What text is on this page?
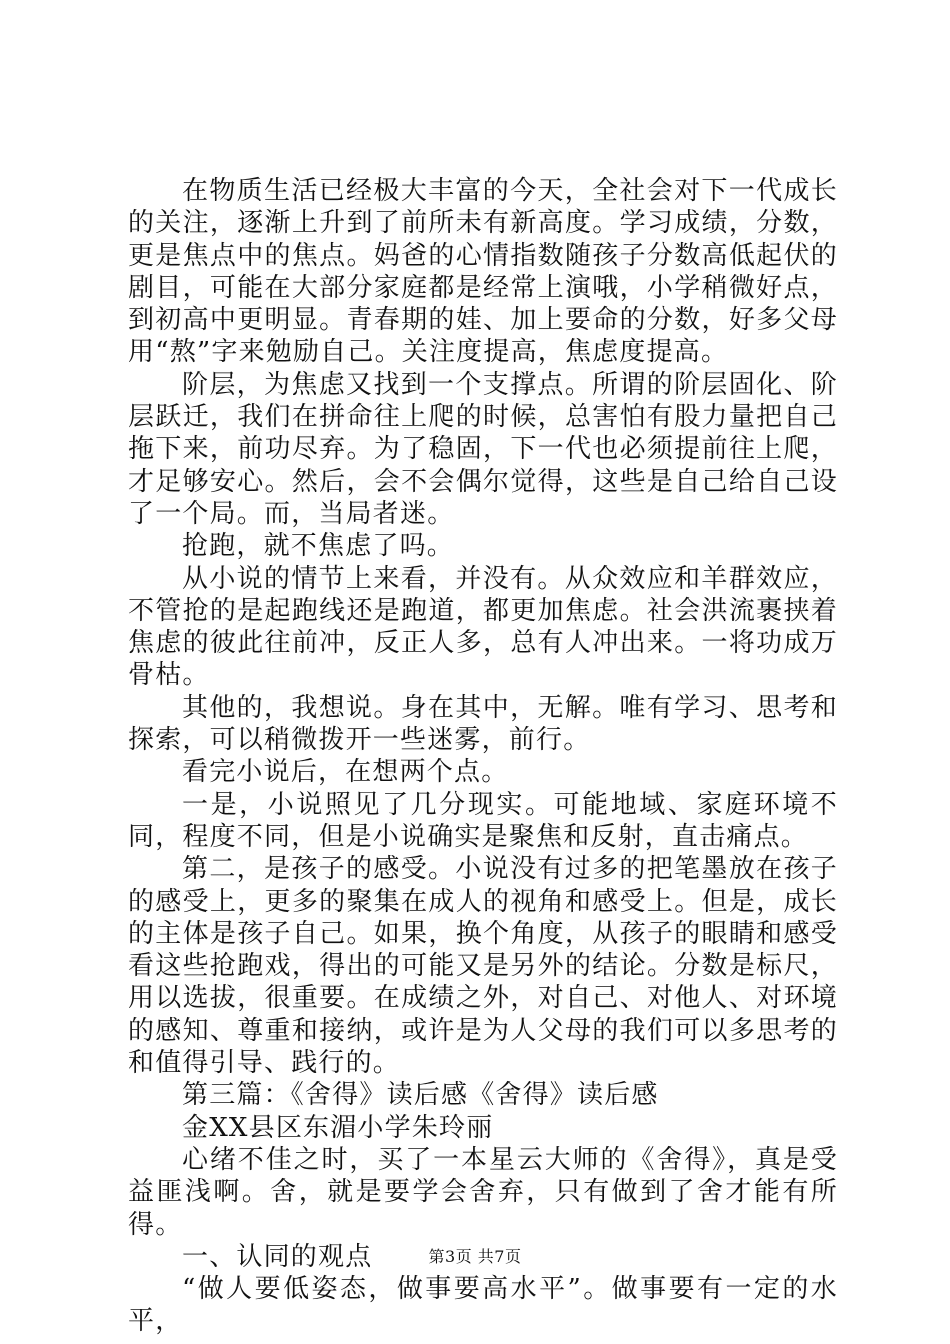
在物质生活已经极大丰富的今天，全社会对下一代成长的关注，逐渐上升到了前所未有新高度。学习成绩，分数，更是焦点中的焦点。妈爸的心情指数随孩子分数高低起伏的剧目，可能在大部分家庭都是经常上演哦，小学稍微好点，到初高中更明显。青春期的娃、加上要命的分数，好多父母用“熬”字来勉励自己。关注度提高，焦虑度提高。

阶层，为焦虑又找到一个支撑点。所谓的阶层固化、阶层跃迁，我们在拼命往上爬的时候，总害怕有股力量把自己拖下来，前功尽弃。为了稳固，下一代也必须提前往上爬，才足够安心。然后，会不会偶尔觉得，这些是自己给自己设了一个局。而，当局者迷。

抢跑，就不焦虑了吗。

从小说的情节上来看，并没有。从众效应和羊群效应，不管抢的是起跑线还是跑道，都更加焦虑。社会洪流裹挟着焦虑的彼此往前冲，反正人多，总有人冲出来。一将功成万骨枯。

其他的，我想说。身在其中，无解。唯有学习、思考和探索，可以稍微拨开一些迷雾，前行。

看完小说后，在想两个点。

一是，小说照见了几分现实。可能地域、家庭环境不同，程度不同，但是小说确实是聚焦和反射，直击痛点。

第二，是孩子的感受。小说没有过多的把笔墨放在孩子的感受上，更多的聚集在成人的视角和感受上。但是，成长的主体是孩子自己。如果，换个角度，从孩子的眼睛和感受看这些抢跑戏，得出的可能又是另外的结论。分数是标尺，用以选拔，很重要。在成绩之外，对自己、对他人、对环境的感知、尊重和接纳，或许是为人父母的我们可以多思考的和值得引导、践行的。

第三篇：《舍得》读后感《舍得》读后感

金XX县区东湄小学朱玲丽

心绪不佳之时，买了一本星云大师的《舍得》，真是受益匪浅啊。舍，就是要学会舍弃，只有做到了舍才能有所得。

一、认同的观点

“做人要低姿态，做事要高水平”。做事要有一定的水平，

第3页 共7页
